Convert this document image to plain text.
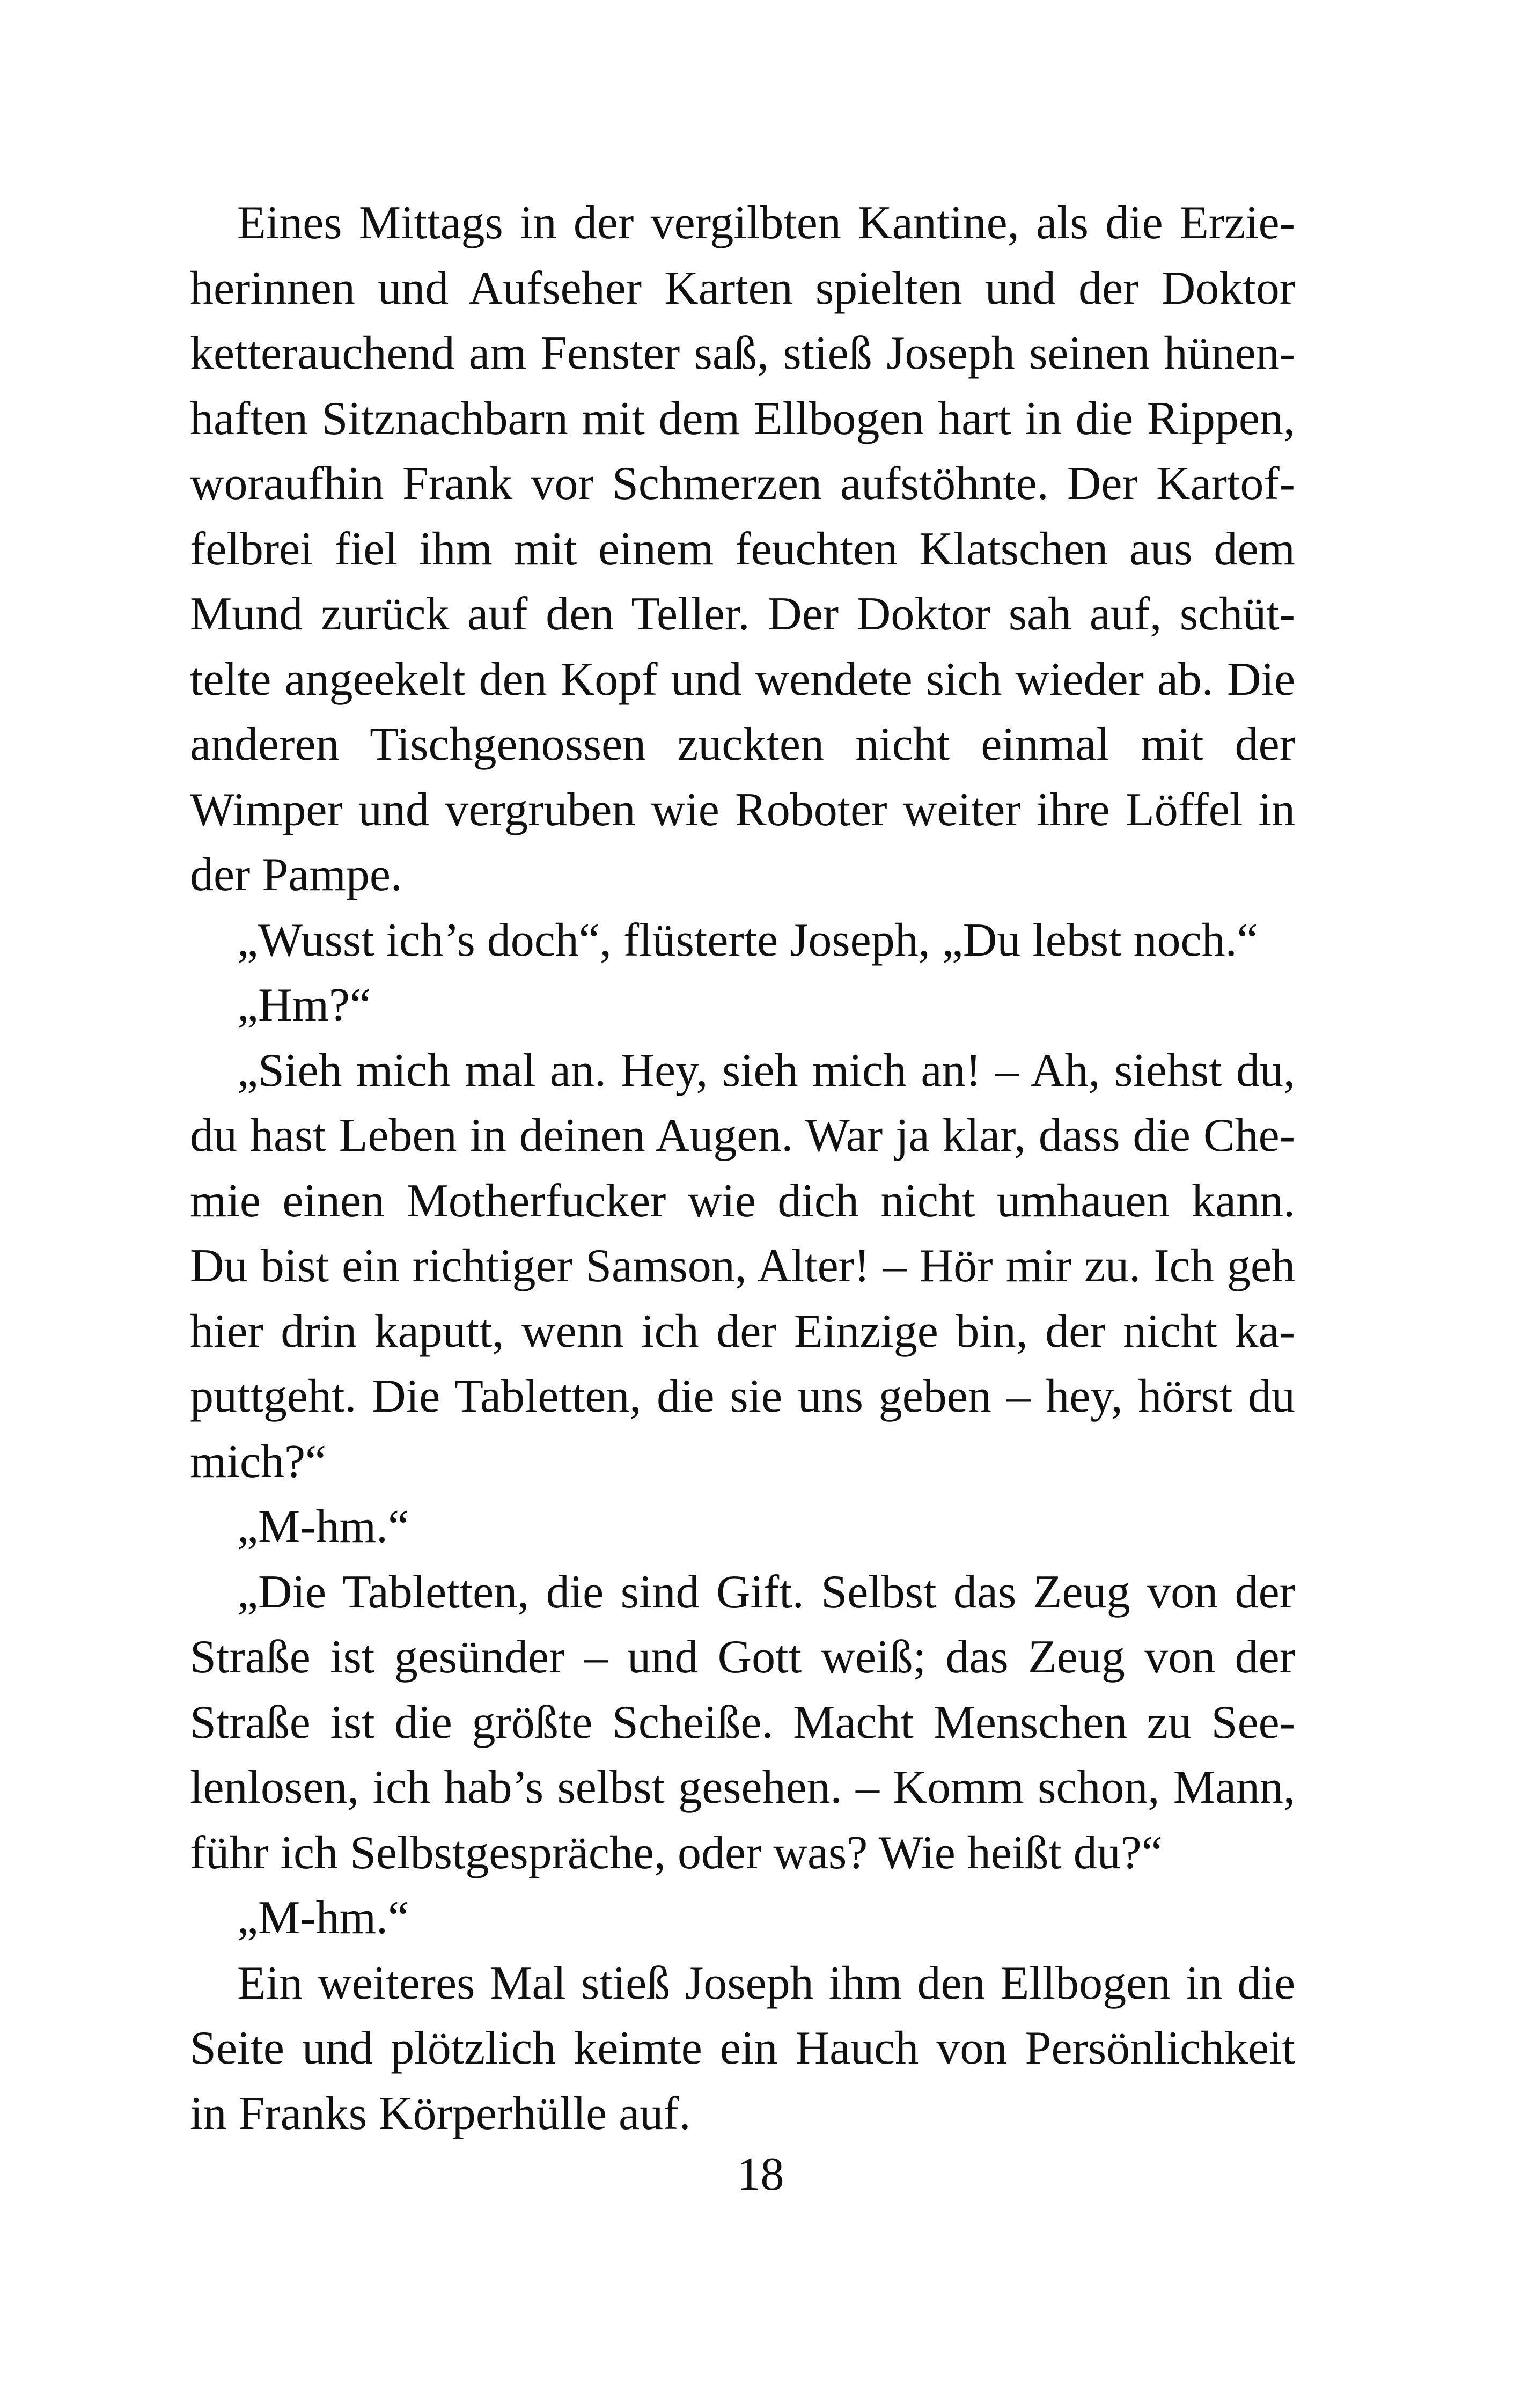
Eines Mittags in der vergilbten Kantine, als die Erzie-
herinnen und Aufseher Karten spielten und der Doktor
ketterauchend am Fenster saß, stieß Joseph seinen hünen-
haften Sitznachbarn mit dem Ellbogen hart in die Rippen,
woraufhin Frank vor Schmerzen aufstöhnte. Der Kartof-
felbrei fiel ihm mit einem feuchten Klatschen aus dem
Mund zurück auf den Teller. Der Doktor sah auf, schüt-
telte angeekelt den Kopf und wendete sich wieder ab. Die
anderen Tischgenossen zuckten nicht einmal mit der
Wimper und vergruben wie Roboter weiter ihre Löffel in
der Pampe.
„Wusst ich’s doch“, flüsterte Joseph, „Du lebst noch.“
„Hm?“
„Sieh mich mal an. Hey, sieh mich an! – Ah, siehst du,
du hast Leben in deinen Augen. War ja klar, dass die Che-
mie einen Motherfucker wie dich nicht umhauen kann.
Du bist ein richtiger Samson, Alter! – Hör mir zu. Ich geh
hier drin kaputt, wenn ich der Einzige bin, der nicht ka-
puttgeht. Die Tabletten, die sie uns geben – hey, hörst du
mich?“
„M-hm.“
„Die Tabletten, die sind Gift. Selbst das Zeug von der
Straße ist gesünder – und Gott weiß; das Zeug von der
Straße ist die größte Scheiße. Macht Menschen zu See-
lenlosen, ich hab’s selbst gesehen. – Komm schon, Mann,
führ ich Selbstgespräche, oder was? Wie heißt du?“
„M-hm.“
Ein weiteres Mal stieß Joseph ihm den Ellbogen in die
Seite und plötzlich keimte ein Hauch von Persönlichkeit
in Franks Körperhülle auf.
18
